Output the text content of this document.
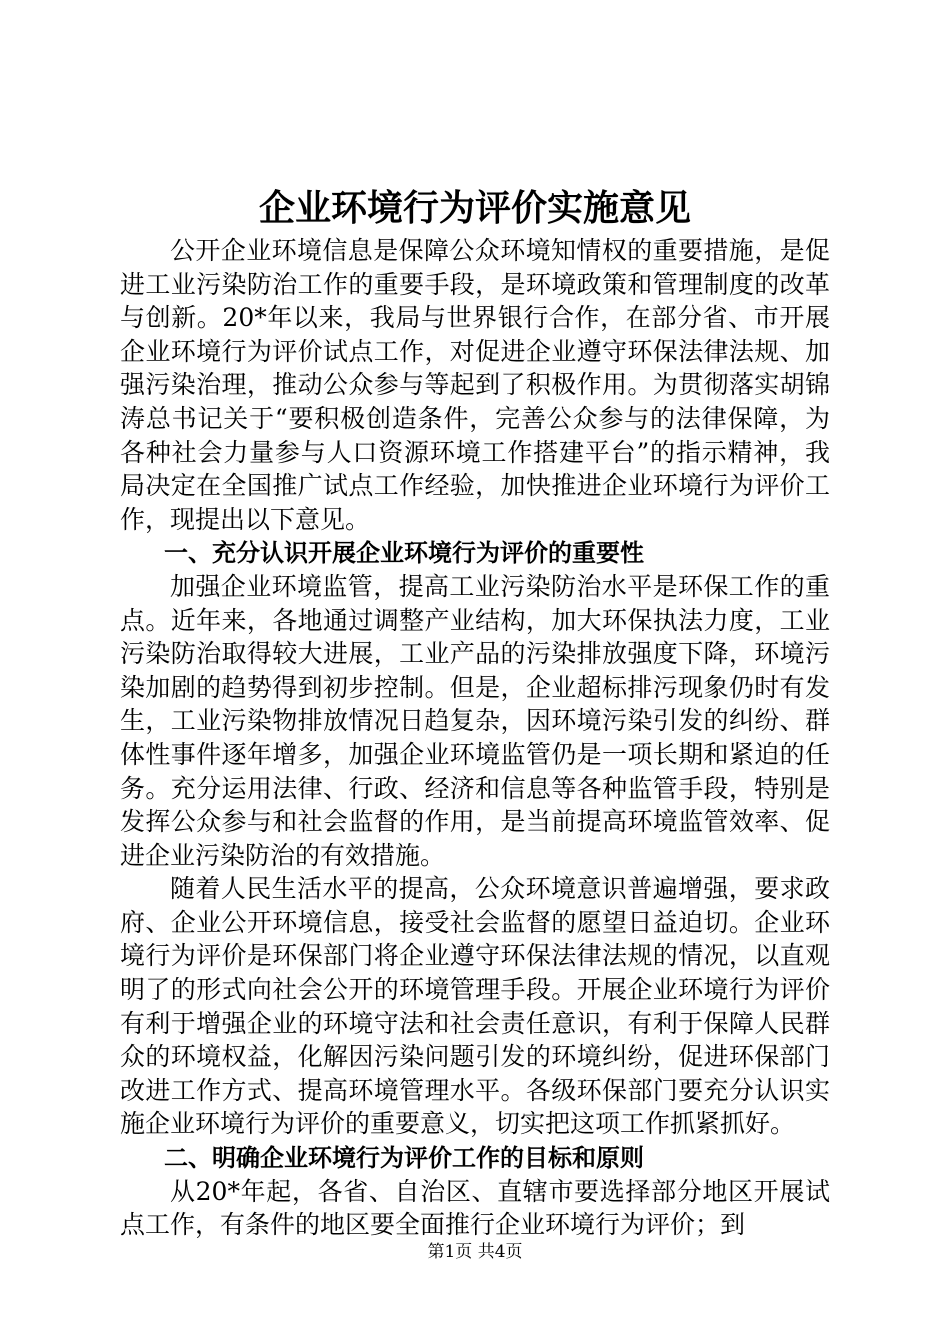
企业环境行为评价实施意见

公开企业环境信息是保障公众环境知情权的重要措施，是促进工业污染防治工作的重要手段，是环境政策和管理制度的改革与创新。20*年以来，我局与世界银行合作，在部分省、市开展企业环境行为评价试点工作，对促进企业遵守环保法律法规、加强污染治理，推动公众参与等起到了积极作用。为贯彻落实胡锦涛总书记关于“要积极创造条件，完善公众参与的法律保障，为各种社会力量参与人口资源环境工作搭建平台”的指示精神，我局决定在全国推广试点工作经验，加快推进企业环境行为评价工作，现提出以下意见。

一、充分认识开展企业环境行为评价的重要性

加强企业环境监管，提高工业污染防治水平是环保工作的重点。近年来，各地通过调整产业结构，加大环保执法力度，工业污染防治取得较大进展，工业产品的污染排放强度下降，环境污染加剧的趋势得到初步控制。但是，企业超标排污现象仍时有发生，工业污染物排放情况日趋复杂，因环境污染引发的纠纷、群体性事件逐年增多，加强企业环境监管仍是一项长期和紧迫的任务。充分运用法律、行政、经济和信息等各种监管手段，特别是发挥公众参与和社会监督的作用，是当前提高环境监管效率、促进企业污染防治的有效措施。

随着人民生活水平的提高，公众环境意识普遍增强，要求政府、企业公开环境信息，接受社会监督的愿望日益迫切。企业环境行为评价是环保部门将企业遵守环保法律法规的情况，以直观明了的形式向社会公开的环境管理手段。开展企业环境行为评价有利于增强企业的环境守法和社会责任意识，有利于保障人民群众的环境权益，化解因污染问题引发的环境纠纷，促进环保部门改进工作方式、提高环境管理水平。各级环保部门要充分认识实施企业环境行为评价的重要意义，切实把这项工作抓紧抓好。

二、明确企业环境行为评价工作的目标和原则

从20*年起，各省、自治区、直辖市要选择部分地区开展试点工作，有条件的地区要全面推行企业环境行为评价；到

第1页 共4页
